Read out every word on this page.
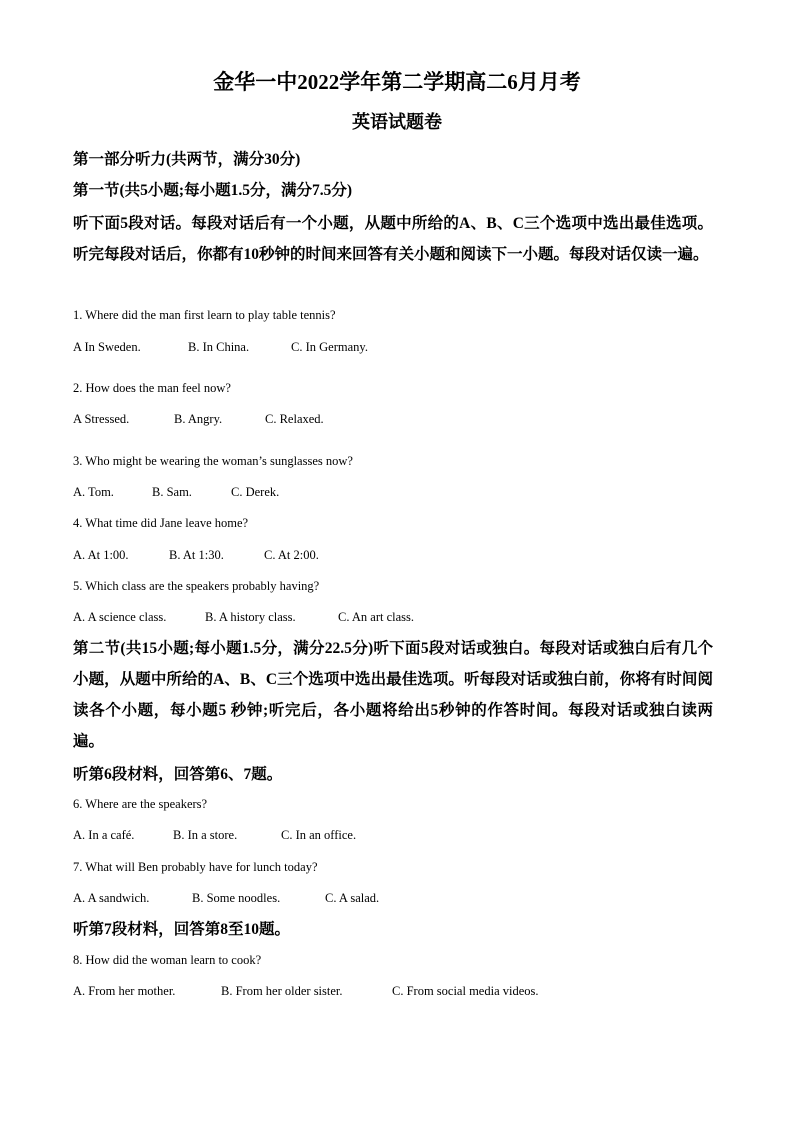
金华一中2022学年第二学期高二6月月考
英语试题卷
第一部分听力(共两节，满分30分)
第一节(共5小题;每小题1.5分，满分7.5分)
听下面5段对话。每段对话后有一个小题，从题中所给的A、B、C三个选项中选出最佳选项。听完每段对话后，你都有10秒钟的时间来回答有关小题和阅读下一小题。每段对话仅读一遍。
1. Where did the man first learn to play table tennis?
A In Sweden.	B. In China.	C. In Germany.
2. How does the man feel now?
A Stressed.	B. Angry.	C. Relaxed.
3. Who might be wearing the woman’s sunglasses now?
A. Tom.	B. Sam.	C. Derek.
4. What time did Jane leave home?
A. At 1:00.	B. At 1:30.	C. At 2:00.
5. Which class are the speakers probably having?
A. A science class.	B. A history class.	C. An art class.
第二节(共15小题;每小题1.5分，满分22.5分)听下面5段对话或独白。每段对话或独白后有几个小题，从题中所给的A、B、C三个选项中选出最佳选项。听每段对话或独白前，你将有时间阅读各个小题，每小题5 秒钟;听完后，各小题将给出5秒钟的作答时间。每段对话或独白读两遍。
听第6段材料，回答第6、7题。
6. Where are the speakers?
A. In a café.	B. In a store.	C. In an office.
7. What will Ben probably have for lunch today?
A. A sandwich.	B. Some noodles.	C. A salad.
听第7段材料，回答第8至10题。
8. How did the woman learn to cook?
A. From her mother.	B. From her older sister.	C. From social media videos.
